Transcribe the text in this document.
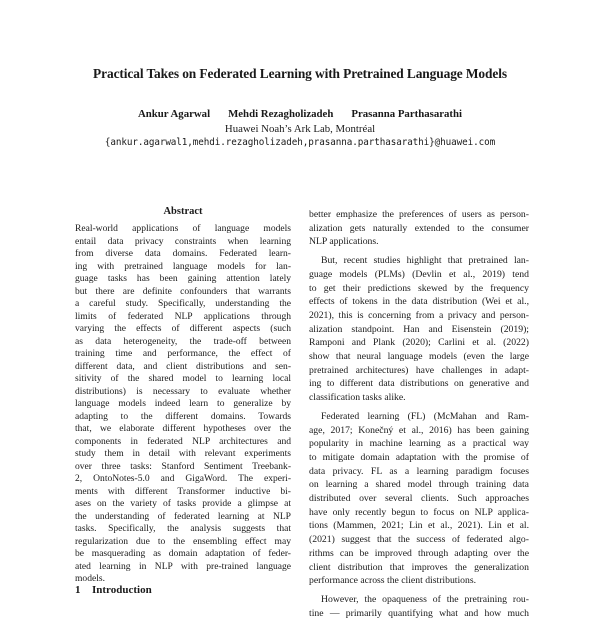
Practical Takes on Federated Learning with Pretrained Language Models
Ankur Agarwal Mehdi Rezagholizadeh Prasanna Parthasarathi
Huawei Noah’s Ark Lab, Montréal
{ankur.agarwal1,mehdi.rezagholizadeh,prasanna.parthasarathi}@huawei.com
Abstract
Real-world applications of language models
entail data privacy constraints when learning
from diverse data domains. Federated learn-
ing with pretrained language models for lan-
guage tasks has been gaining attention lately
but there are definite confounders that warrants
a careful study. Specifically, understanding the
limits of federated NLP applications through
varying the effects of different aspects (such
as data heterogeneity, the trade-off between
training time and performance, the effect of
different data, and client distributions and sen-
sitivity of the shared model to learning local
distributions) is necessary to evaluate whether
language models indeed learn to generalize by
adapting to the different domains. Towards
that, we elaborate different hypotheses over the
components in federated NLP architectures and
study them in detail with relevant experiments
over three tasks: Stanford Sentiment Treebank-
2, OntoNotes-5.0 and GigaWord. The experi-
ments with different Transformer inductive bi-
ases on the variety of tasks provide a glimpse at
the understanding of federated learning at NLP
tasks. Specifically, the analysis suggests that
regularization due to the ensembling effect may
be masquerading as domain adaptation of feder-
ated learning in NLP with pre-trained language
models.
1 Introduction
better emphasize the preferences of users as person-
alization gets naturally extended to the consumer
NLP applications.
But, recent studies highlight that pretrained lan-
guage models (PLMs) (Devlin et al., 2019) tend
to get their predictions skewed by the frequency
effects of tokens in the data distribution (Wei et al.,
2021), this is concerning from a privacy and person-
alization standpoint. Han and Eisenstein (2019);
Ramponi and Plank (2020); Carlini et al. (2022)
show that neural language models (even the large
pretrained architectures) have challenges in adapt-
ing to different data distributions on generative and
classification tasks alike.
Federated learning (FL) (McMahan and Ram-
age, 2017; Konečný et al., 2016) has been gaining
popularity in machine learning as a practical way
to mitigate domain adaptation with the promise of
data privacy. FL as a learning paradigm focuses
on learning a shared model through training data
distributed over several clients. Such approaches
have only recently begun to focus on NLP applica-
tions (Mammen, 2021; Lin et al., 2021). Lin et al.
(2021) suggest that the success of federated algo-
rithms can be improved through adapting over the
client distribution that improves the generalization
performance across the client distributions.
However, the opaqueness of the pretraining rou-
tine — primarily quantifying what and how much
